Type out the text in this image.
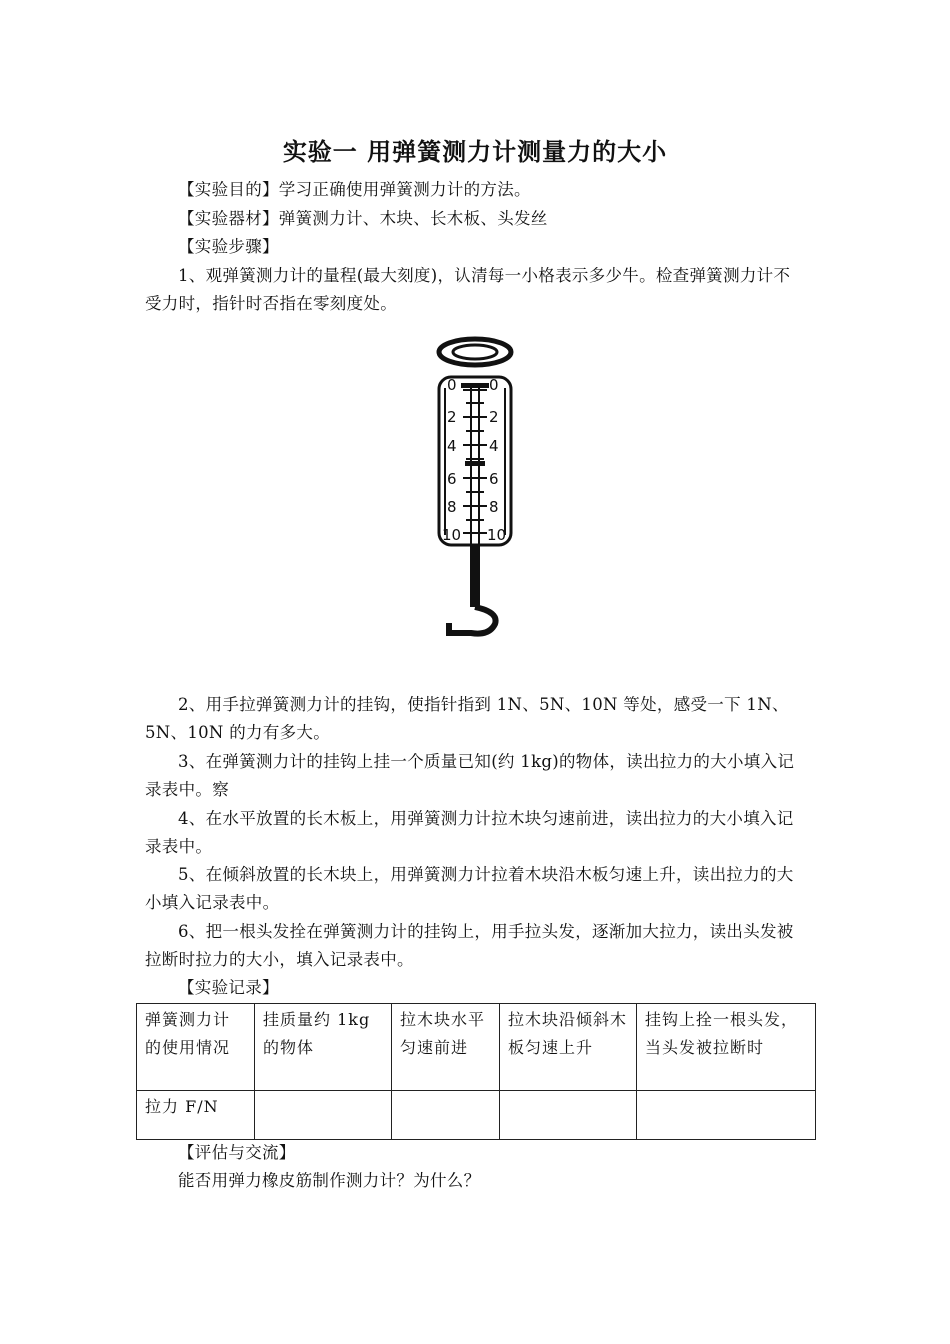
实验一 用弹簧测力计测量力的大小
【实验目的】学习正确使用弹簧测力计的方法。
【实验器材】弹簧测力计、木块、长木板、头发丝
【实验步骤】
1、观弹簧测力计的量程(最大刻度)，认清每一小格表示多少牛。检查弹簧测力计不受力时，指针时否指在零刻度处。
0
2
4
6
8
10
0
2
4
6
8
10
2、用手拉弹簧测力计的挂钩，使指针指到 1N、5N、10N 等处，感受一下 1N、5N、10N 的力有多大。
3、在弹簧测力计的挂钩上挂一个质量已知(约 1kg)的物体，读出拉力的大小填入记录表中。察
4、在水平放置的长木板上，用弹簧测力计拉木块匀速前进，读出拉力的大小填入记录表中。
5、在倾斜放置的长木块上，用弹簧测力计拉着木块沿木板匀速上升，读出拉力的大小填入记录表中。
6、把一根头发拴在弹簧测力计的挂钩上，用手拉头发，逐渐加大拉力，读出头发被拉断时拉力的大小，填入记录表中。
【实验记录】
弹簧测力计的使用情况	挂质量约 1kg 的物体	拉木块水平匀速前进	拉木块沿倾斜木板匀速上升	挂钩上拴一根头发，当头发被拉断时
拉力 F/N				
【评估与交流】
能否用弹力橡皮筋制作测力计？为什么？
